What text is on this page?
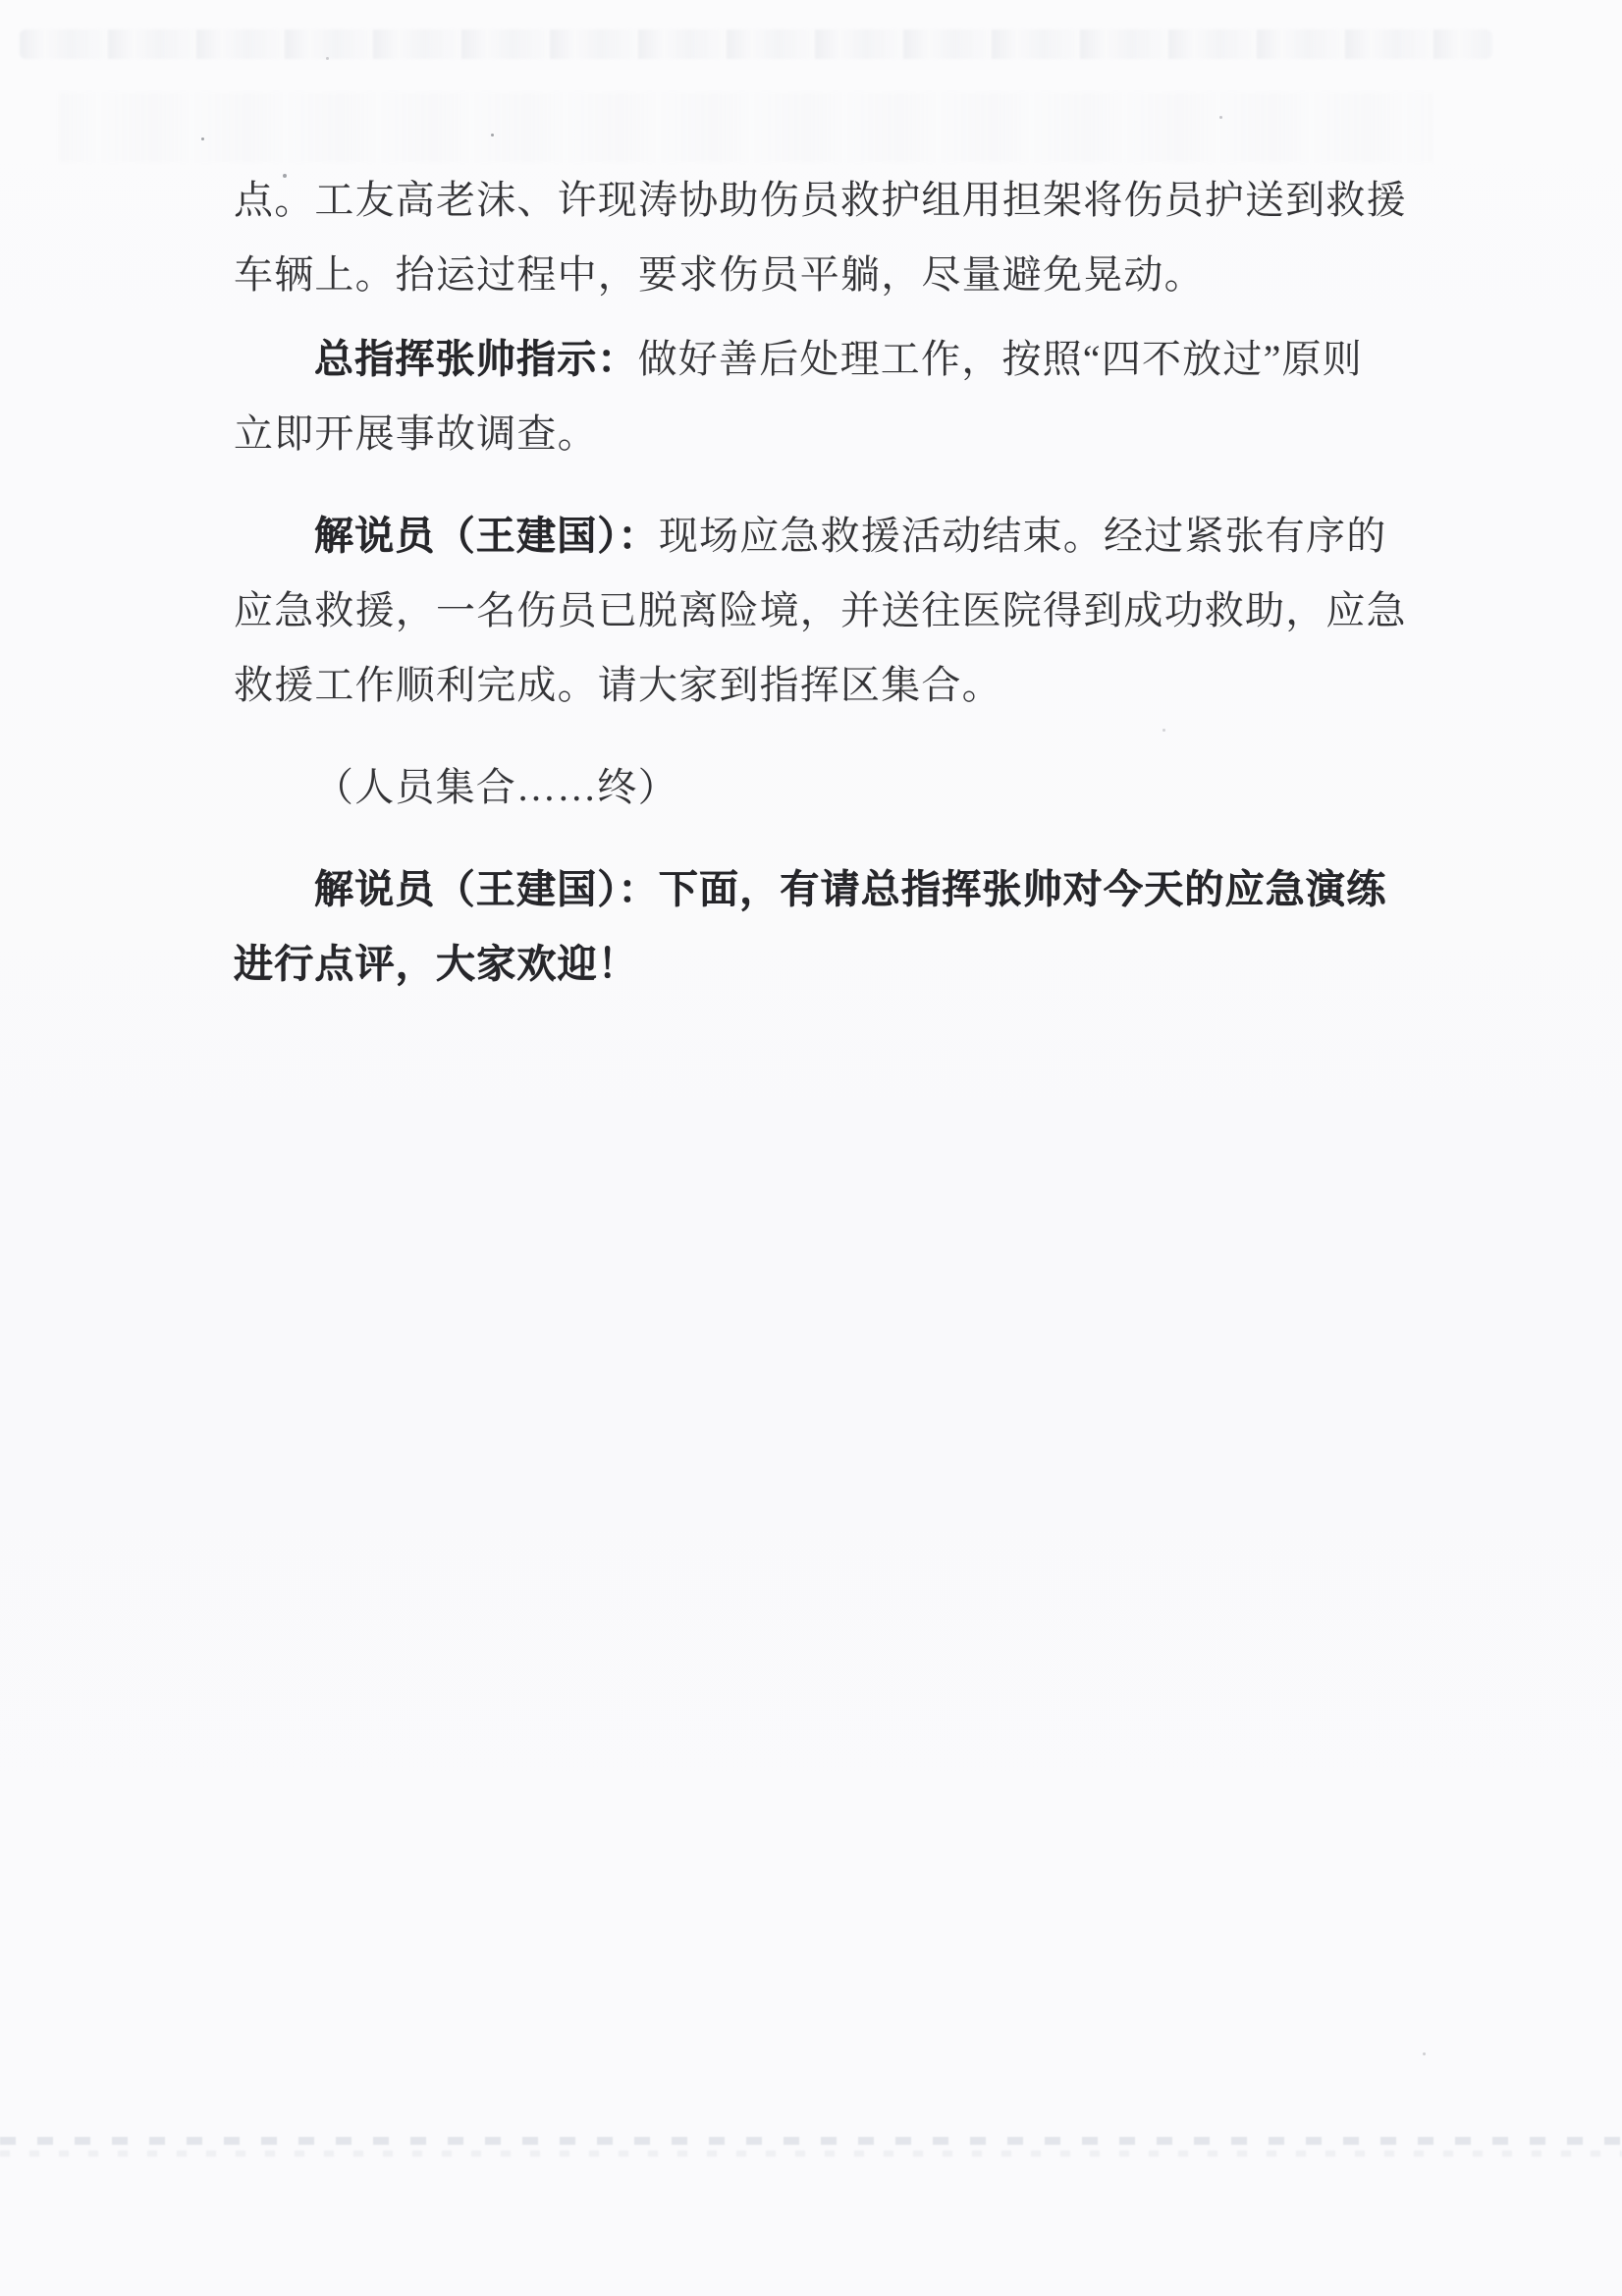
点。工友高老沫、许现涛协助伤员救护组用担架将伤员护送到救援
车辆上。抬运过程中，要求伤员平躺，尽量避免晃动。
总指挥张帅指示：做好善后处理工作，按照“四不放过”原则
立即开展事故调查。
解说员（王建国）：现场应急救援活动结束。经过紧张有序的
应急救援，一名伤员已脱离险境，并送往医院得到成功救助，应急
救援工作顺利完成。请大家到指挥区集合。
（人员集合……终）
解说员（王建国）：下面，有请总指挥张帅对今天的应急演练
进行点评，大家欢迎！
